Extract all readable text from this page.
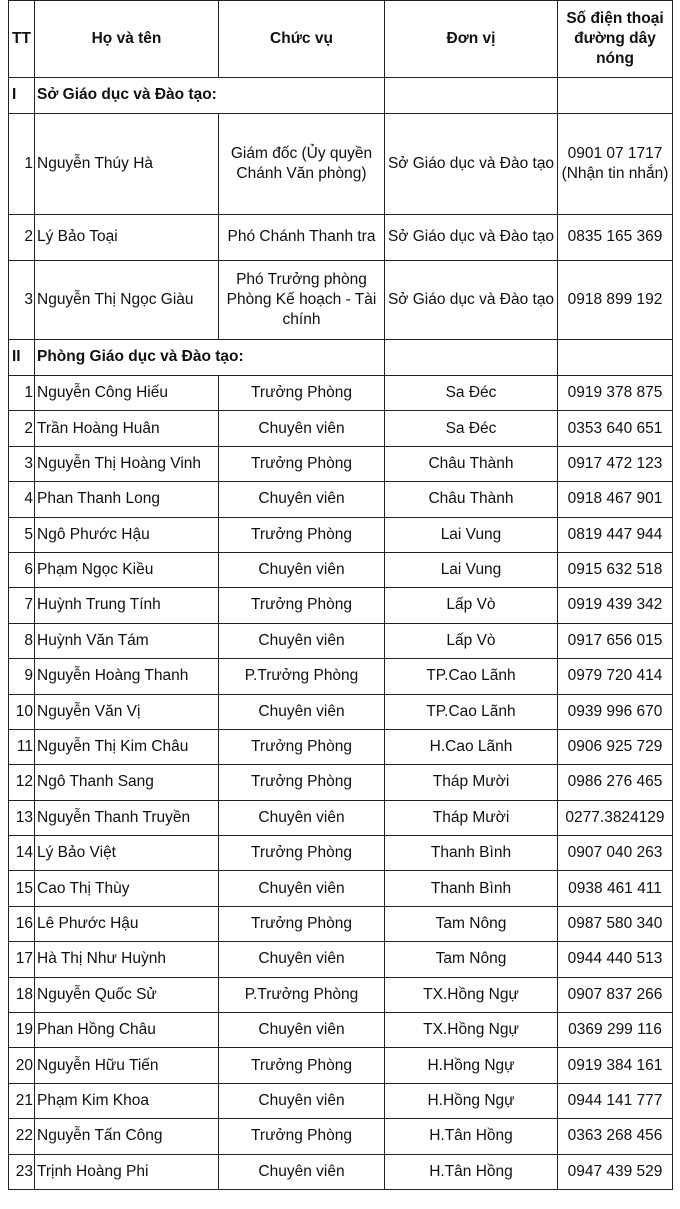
TT	Họ và tên	Chức vụ	Đơn vị	Số điện thoại đường dây nóng
I	Sở Giáo dục và Đào tạo:			
1	Nguyễn Thúy Hà	Giám đốc (Ủy quyền Chánh Văn phòng)	Sở Giáo dục và Đào tạo	0901 07 1717 (Nhận tin nhắn)
2	Lý Bảo Toại	Phó Chánh Thanh tra	Sở Giáo dục và Đào tạo	0835 165 369
3	Nguyễn Thị Ngọc Giàu	Phó Trưởng phòng Phòng Kế hoạch - Tài chính	Sở Giáo dục và Đào tạo	0918 899 192
II	Phòng Giáo dục và Đào tạo:			
1	Nguyễn Công Hiếu	Trưởng Phòng	Sa Đéc	0919 378 875
2	Trần Hoàng Huân	Chuyên viên	Sa Đéc	0353 640 651
3	Nguyễn Thị Hoàng Vinh	Trưởng Phòng	Châu Thành	0917 472 123
4	Phan Thanh Long	Chuyên viên	Châu Thành	0918 467 901
5	Ngô Phước Hậu	Trưởng Phòng	Lai Vung	0819 447 944
6	Phạm Ngọc Kiều	Chuyên viên	Lai Vung	0915 632 518
7	Huỳnh Trung Tính	Trưởng Phòng	Lấp Vò	0919 439 342
8	Huỳnh Văn Tám	Chuyên viên	Lấp Vò	0917 656 015
9	Nguyễn Hoàng Thanh	P.Trưởng Phòng	TP.Cao Lãnh	0979 720 414
10	Nguyễn Văn Vị	Chuyên viên	TP.Cao Lãnh	0939 996 670
11	Nguyễn Thị Kim Châu	Trưởng Phòng	H.Cao Lãnh	0906 925 729
12	Ngô Thanh Sang	Trưởng Phòng	Tháp Mười	0986 276 465
13	Nguyễn Thanh Truyền	Chuyên viên	Tháp Mười	0277.3824129
14	Lý Bảo Việt	Trưởng Phòng	Thanh Bình	0907 040 263
15	Cao Thị Thùy	Chuyên viên	Thanh Bình	0938 461 411
16	Lê Phước Hậu	Trưởng Phòng	Tam Nông	0987 580 340
17	Hà Thị Như Huỳnh	Chuyên viên	Tam Nông	0944 440 513
18	Nguyễn Quốc Sử	P.Trưởng Phòng	TX.Hồng Ngự	0907 837 266
19	Phan Hồng Châu	Chuyên viên	TX.Hồng Ngự	0369 299 116
20	Nguyễn Hữu Tiến	Trưởng Phòng	H.Hồng Ngự	0919 384 161
21	Phạm Kim Khoa	Chuyên viên	H.Hồng Ngự	0944 141 777
22	Nguyễn Tấn Công	Trưởng Phòng	H.Tân Hồng	0363 268 456
23	Trịnh Hoàng Phi	Chuyên viên	H.Tân Hồng	0947 439 529
